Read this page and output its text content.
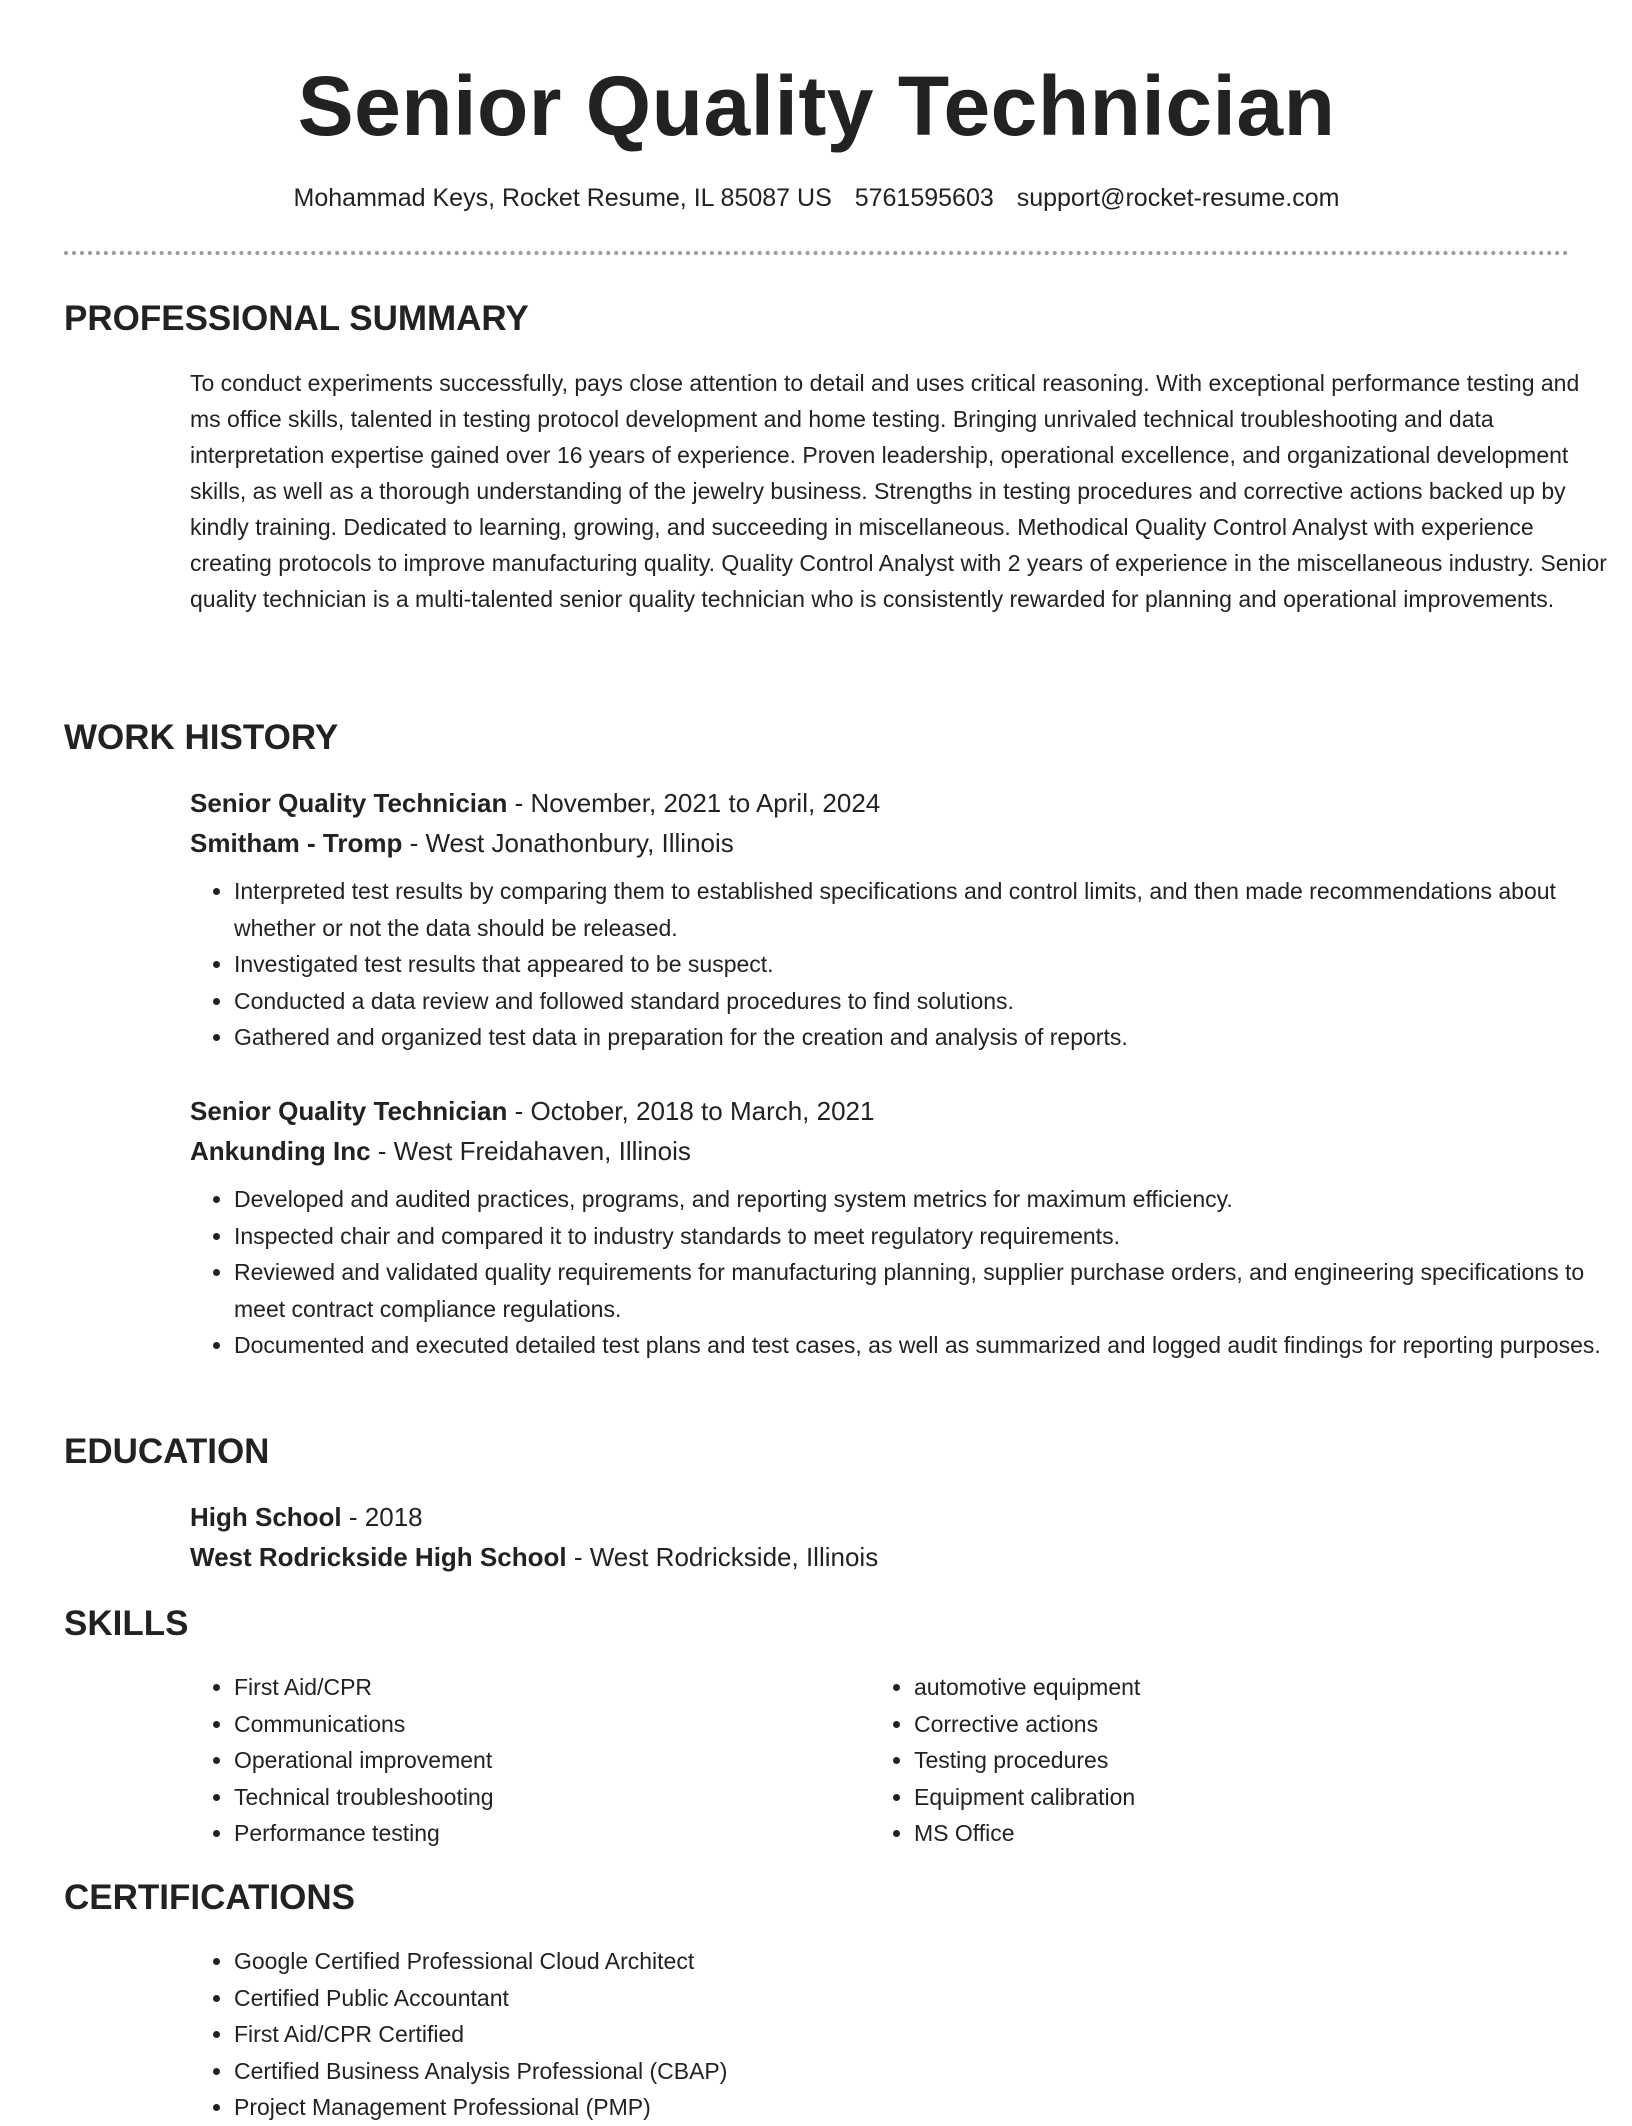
Senior Quality Technician
Mohammad Keys, Rocket Resume, IL 85087 US 5761595603 support@rocket-resume.com
PROFESSIONAL SUMMARY

To conduct experiments successfully, pays close attention to detail and uses critical reasoning. With exceptional performance testing and ms office skills, talented in testing protocol development and home testing. Bringing unrivaled technical troubleshooting and data interpretation expertise gained over 16 years of experience. Proven leadership, operational excellence, and organizational development skills, as well as a thorough understanding of the jewelry business. Strengths in testing procedures and corrective actions backed up by kindly training. Dedicated to learning, growing, and succeeding in miscellaneous. Methodical Quality Control Analyst with experience creating protocols to improve manufacturing quality. Quality Control Analyst with 2 years of experience in the miscellaneous industry. Senior quality technician is a multi-talented senior quality technician who is consistently rewarded for planning and operational improvements.

WORK HISTORY

Senior Quality Technician - November, 2021 to April, 2024

Smitham - Tromp - West Jonathonbury, Illinois

• Interpreted test results by comparing them to established specifications and control limits, and then made recommendations about whether or not the data should be released.
• Investigated test results that appeared to be suspect.
• Conducted a data review and followed standard procedures to find solutions.
• Gathered and organized test data in preparation for the creation and analysis of reports.

Senior Quality Technician - October, 2018 to March, 2021

Ankunding Inc - West Freidahaven, Illinois

• Developed and audited practices, programs, and reporting system metrics for maximum efficiency.
• Inspected chair and compared it to industry standards to meet regulatory requirements.
• Reviewed and validated quality requirements for manufacturing planning, supplier purchase orders, and engineering specifications to meet contract compliance regulations.
• Documented and executed detailed test plans and test cases, as well as summarized and logged audit findings for reporting purposes.
EDUCATION

High School - 2018

West Rodrickside High School - West Rodrickside, Illinois

SKILLS
• First Aid/CPR
• Communications
• Operational improvement
• Technical troubleshooting
• Performance testing
• automotive equipment
• Corrective actions
• Testing procedures
• Equipment calibration
• MS Office
CERTIFICATIONS
• Google Certified Professional Cloud Architect
• Certified Public Accountant
• First Aid/CPR Certified
• Certified Business Analysis Professional (CBAP)
• Project Management Professional (PMP)
